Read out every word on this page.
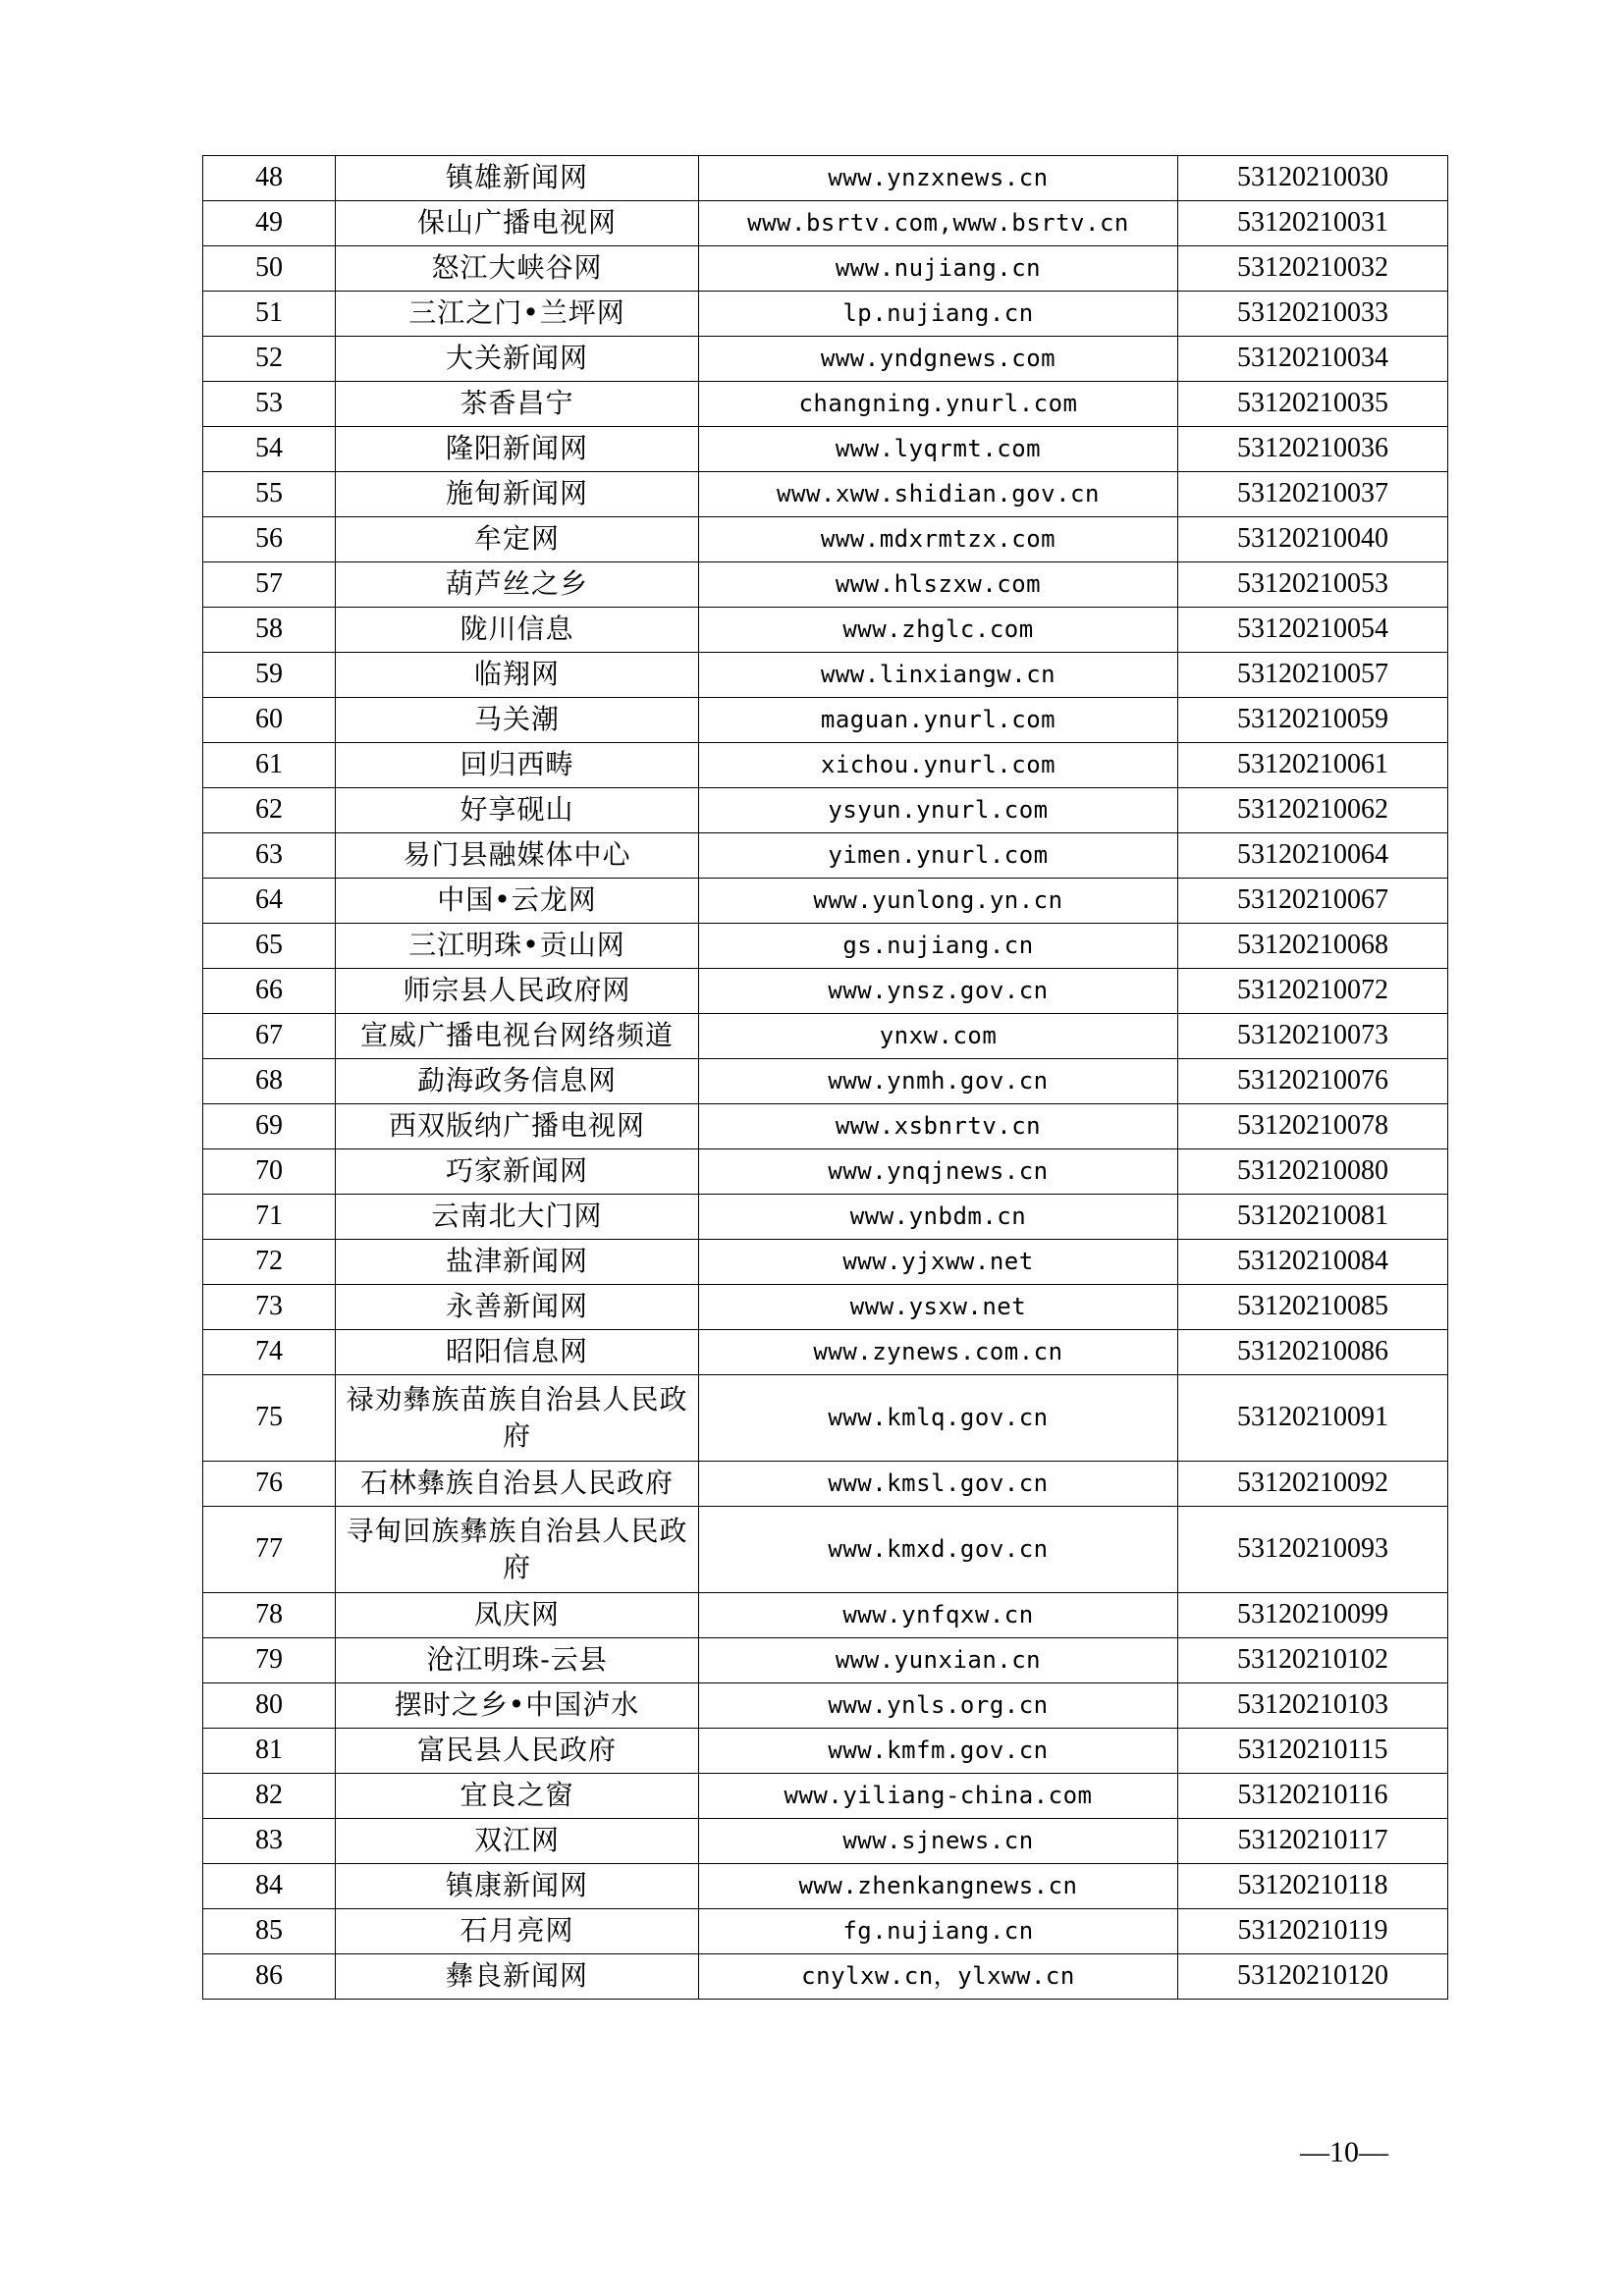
48	镇雄新闻网	www.ynzxnews.cn	53120210030
49	保山广播电视网	www.bsrtv.com,www.bsrtv.cn	53120210031
50	怒江大峡谷网	www.nujiang.cn	53120210032
51	三江之门•兰坪网	lp.nujiang.cn	53120210033
52	大关新闻网	www.yndgnews.com	53120210034
53	茶香昌宁	changning.ynurl.com	53120210035
54	隆阳新闻网	www.lyqrmt.com	53120210036
55	施甸新闻网	www.xww.shidian.gov.cn	53120210037
56	牟定网	www.mdxrmtzx.com	53120210040
57	葫芦丝之乡	www.hlszxw.com	53120210053
58	陇川信息	www.zhglc.com	53120210054
59	临翔网	www.linxiangw.cn	53120210057
60	马关潮	maguan.ynurl.com	53120210059
61	回归西畴	xichou.ynurl.com	53120210061
62	好享砚山	ysyun.ynurl.com	53120210062
63	易门县融媒体中心	yimen.ynurl.com	53120210064
64	中国•云龙网	www.yunlong.yn.cn	53120210067
65	三江明珠•贡山网	gs.nujiang.cn	53120210068
66	师宗县人民政府网	www.ynsz.gov.cn	53120210072
67	宣威广播电视台网络频道	ynxw.com	53120210073
68	勐海政务信息网	www.ynmh.gov.cn	53120210076
69	西双版纳广播电视网	www.xsbnrtv.cn	53120210078
70	巧家新闻网	www.ynqjnews.cn	53120210080
71	云南北大门网	www.ynbdm.cn	53120210081
72	盐津新闻网	www.yjxww.net	53120210084
73	永善新闻网	www.ysxw.net	53120210085
74	昭阳信息网	www.zynews.com.cn	53120210086
75	禄劝彝族苗族自治县人民政府	www.kmlq.gov.cn	53120210091
76	石林彝族自治县人民政府	www.kmsl.gov.cn	53120210092
77	寻甸回族彝族自治县人民政府	www.kmxd.gov.cn	53120210093
78	凤庆网	www.ynfqxw.cn	53120210099
79	沧江明珠-云县	www.yunxian.cn	53120210102
80	摆时之乡•中国泸水	www.ynls.org.cn	53120210103
81	富民县人民政府	www.kmfm.gov.cn	53120210115
82	宜良之窗	www.yiliang-china.com	53120210116
83	双江网	www.sjnews.cn	53120210117
84	镇康新闻网	www.zhenkangnews.cn	53120210118
85	石月亮网	fg.nujiang.cn	53120210119
86	彝良新闻网	cnylxw.cn，ylxww.cn	53120210120
—10—
